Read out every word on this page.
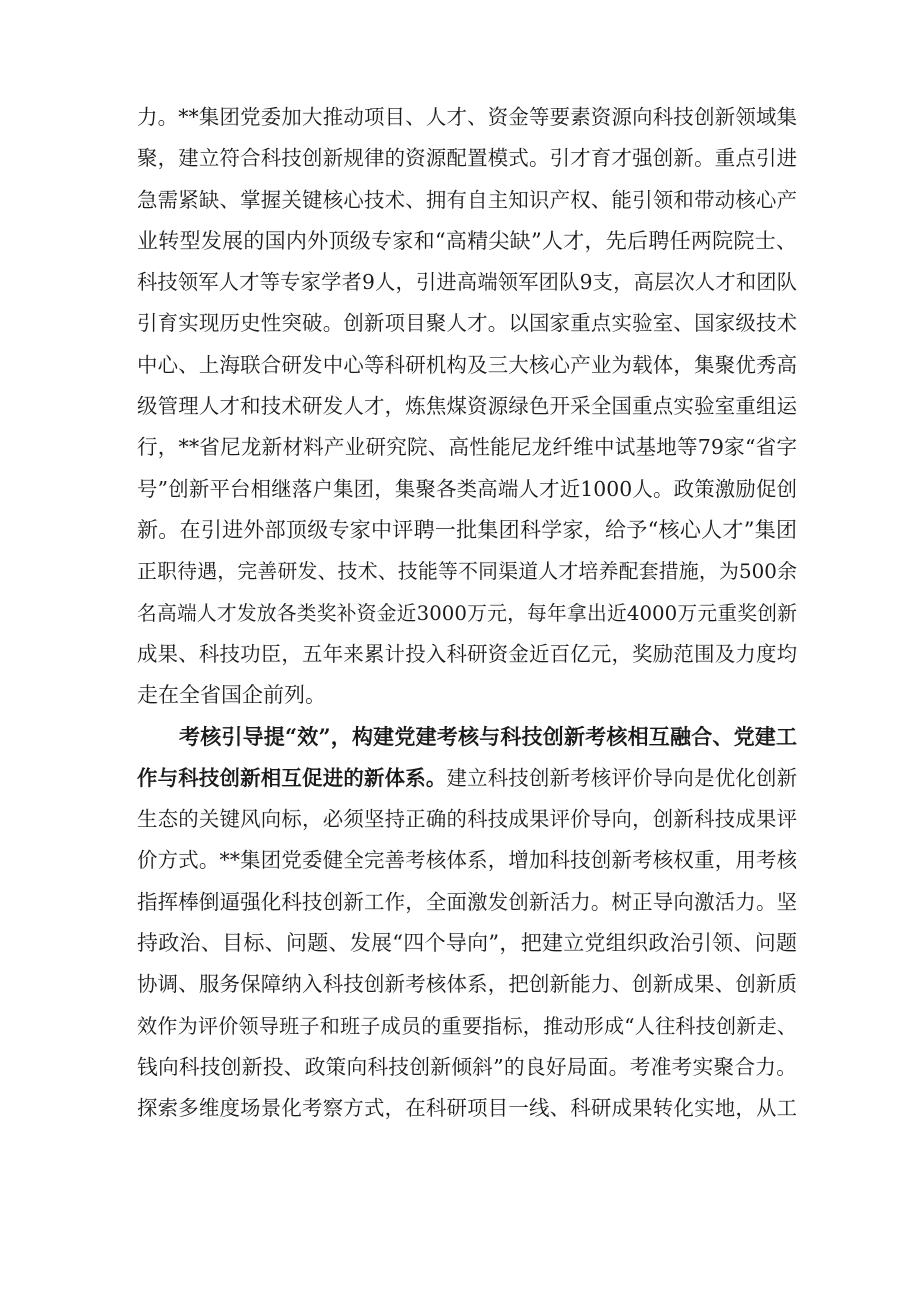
力。**集团党委加大推动项目、人才、资金等要素资源向科技创新领域集
聚，建立符合科技创新规律的资源配置模式。引才育才强创新。重点引进
急需紧缺、掌握关键核心技术、拥有自主知识产权、能引领和带动核心产
业转型发展的国内外顶级专家和“高精尖缺”人才，先后聘任两院院士、
科技领军人才等专家学者9人，引进高端领军团队9支，高层次人才和团队
引育实现历史性突破。创新项目聚人才。以国家重点实验室、国家级技术
中心、上海联合研发中心等科研机构及三大核心产业为载体，集聚优秀高
级管理人才和技术研发人才，炼焦煤资源绿色开采全国重点实验室重组运
行，**省尼龙新材料产业研究院、高性能尼龙纤维中试基地等79家“省字
号”创新平台相继落户集团，集聚各类高端人才近1000人。政策激励促创
新。在引进外部顶级专家中评聘一批集团科学家，给予“核心人才”集团
正职待遇，完善研发、技术、技能等不同渠道人才培养配套措施，为500余
名高端人才发放各类奖补资金近3000万元，每年拿出近4000万元重奖创新
成果、科技功臣，五年来累计投入科研资金近百亿元，奖励范围及力度均
走在全省国企前列。
考核引导提“效”，构建党建考核与科技创新考核相互融合、党建工
作与科技创新相互促进的新体系。建立科技创新考核评价导向是优化创新
生态的关键风向标，必须坚持正确的科技成果评价导向，创新科技成果评
价方式。**集团党委健全完善考核体系，增加科技创新考核权重，用考核
指挥棒倒逼强化科技创新工作，全面激发创新活力。树正导向激活力。坚
持政治、目标、问题、发展“四个导向”，把建立党组织政治引领、问题
协调、服务保障纳入科技创新考核体系，把创新能力、创新成果、创新质
效作为评价领导班子和班子成员的重要指标，推动形成“人往科技创新走、
钱向科技创新投、政策向科技创新倾斜”的良好局面。考准考实聚合力。
探索多维度场景化考察方式，在科研项目一线、科研成果转化实地，从工
